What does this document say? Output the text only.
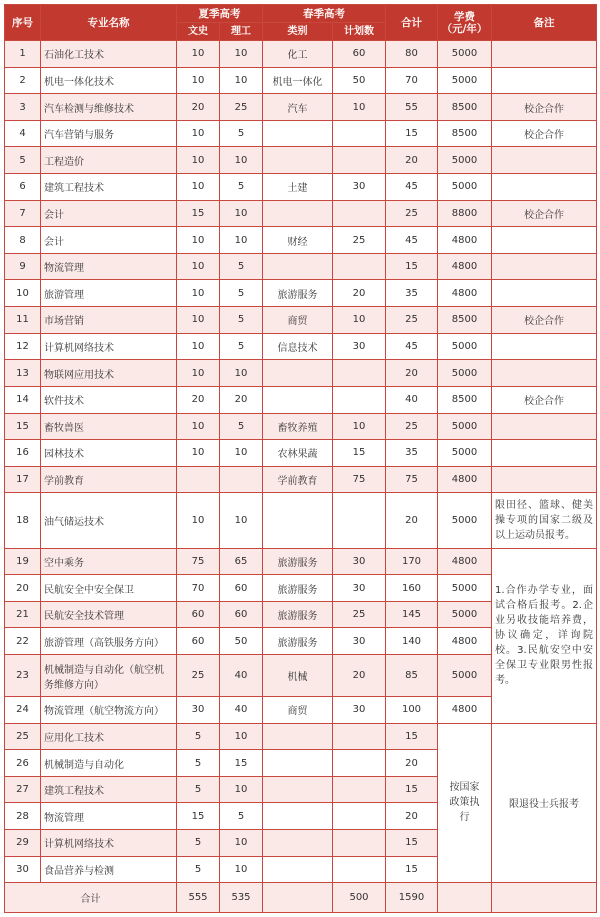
序号	专业名称	夏季高考		春季高考		合计	学费
（元/年）	备注
		文史	理工	类别	计划数			
1	石油化工技术	10	10	化工	60	80	5000	
2	机电一体化技术	10	10	机电一体化	50	70	5000	
3	汽车检测与维修技术	20	25	汽车	10	55	8500	校企合作
4	汽车营销与服务	10	5			15	8500	校企合作
5	工程造价	10	10			20	5000	
6	建筑工程技术	10	5	土建	30	45	5000	
7	会计	15	10			25	8800	校企合作
8	会计	10	10	财经	25	45	4800	
9	物流管理	10	5			15	4800	
10	旅游管理	10	5	旅游服务	20	35	4800	
11	市场营销	10	5	商贸	10	25	8500	校企合作
12	计算机网络技术	10	5	信息技术	30	45	5000	
13	物联网应用技术	10	10			20	5000	
14	软件技术	20	20			40	8500	校企合作
15	畜牧兽医	10	5	畜牧养殖	10	25	5000	
16	园林技术	10	10	农林果蔬	15	35	5000	
17	学前教育			学前教育	75	75	4800	
18	油气储运技术	10	10			20	5000	限田径、篮球、健美操专项的国家二级及以上运动员报考。
19	空中乘务	75	65	旅游服务	30	170	4800	1.合作办学专业，面试合格后报考。2.企业另收技能培养费，协议确定，详询院校。3.民航安空中安全保卫专业限男性报考。
20	民航安全中安全保卫	70	60	旅游服务	30	160	5000	
21	民航安全技术管理	60	60	旅游服务	25	145	5000	
22	旅游管理（高铁服务方向）	60	50	旅游服务	30	140	4800	
23	机械制造与自动化（航空机务维修方向）	25	40	机械	20	85	5000	
24	物流管理（航空物流方向）	30	40	商贸	30	100	4800	
25	应用化工技术	5	10			15	按国家政策执行	限退役士兵报考
26	机械制造与自动化	5	15			20		
27	建筑工程技术	5	10			15		
28	物流管理	15	5			20		
29	计算机网络技术	5	10			15		
30	食品营养与检测	5	10			15		
合计		555	535		500	1590		
